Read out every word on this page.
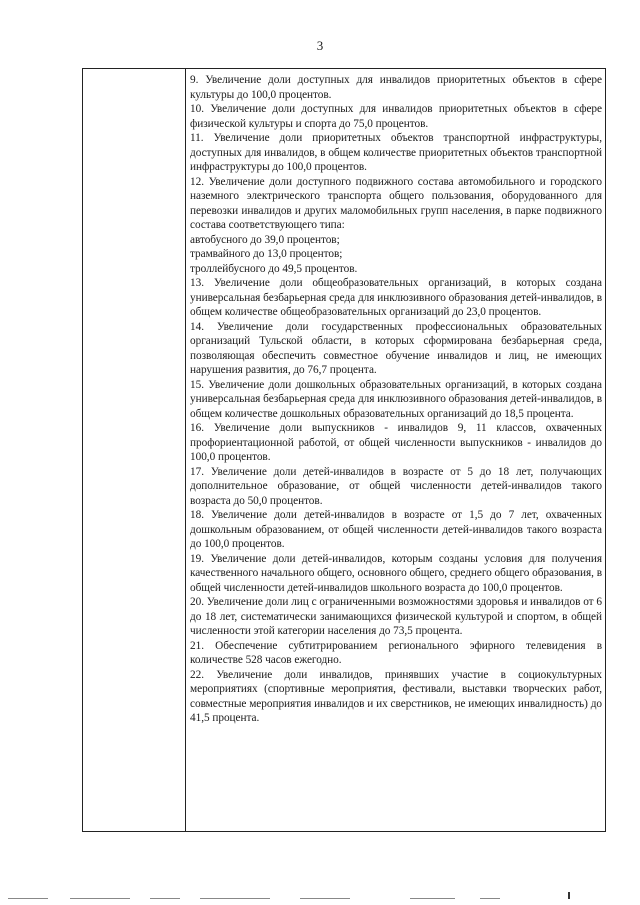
3

9. Увеличение доли доступных для инвалидов приоритетных объектов в сфере культуры до 100,0 процентов.

10. Увеличение доли доступных для инвалидов приоритетных объектов в сфере физической культуры и спорта до 75,0 процентов.

11. Увеличение доли приоритетных объектов транспортной инфраструктуры, доступных для инвалидов, в общем количестве приоритетных объектов транспортной инфраструктуры до 100,0 процентов.

12. Увеличение доли доступного подвижного состава автомобильного и городского наземного электрического транспорта общего пользования, оборудованного для перевозки инвалидов и других маломобильных групп населения, в парке подвижного состава соответствующего типа:

автобусного до 39,0 процентов;

трамвайного до 13,0 процентов;

троллейбусного до 49,5 процентов.

13. Увеличение доли общеобразовательных организаций, в которых создана универсальная безбарьерная среда для инклюзивного образования детей-инвалидов, в общем количестве общеобразовательных организаций до 23,0 процентов.

14. Увеличение доли государственных профессиональных образовательных организаций Тульской области, в которых сформирована безбарьерная среда, позволяющая обеспечить совместное обучение инвалидов и лиц, не имеющих нарушения развития, до 76,7 процента.

15. Увеличение доли дошкольных образовательных организаций, в которых создана универсальная безбарьерная среда для инклюзивного образования детей-инвалидов, в общем количестве дошкольных образовательных организаций до 18,5 процента.

16. Увеличение доли выпускников - инвалидов 9, 11 классов, охваченных профориентационной работой, от общей численности выпускников - инвалидов до 100,0 процентов.

17. Увеличение доли детей-инвалидов в возрасте от 5 до 18 лет, получающих дополнительное образование, от общей численности детей-инвалидов такого возраста до 50,0 процентов.

18. Увеличение доли детей-инвалидов в возрасте от 1,5 до 7 лет, охваченных дошкольным образованием, от общей численности детей-инвалидов такого возраста до 100,0 процентов.

19. Увеличение доли детей-инвалидов, которым созданы условия для получения качественного начального общего, основного общего, среднего общего образования, в общей численности детей-инвалидов школьного возраста до 100,0 процентов.

20. Увеличение доли лиц с ограниченными возможностями здоровья и инвалидов от 6 до 18 лет, систематически занимающихся физической культурой и спортом, в общей численности этой категории населения до 73,5 процента.

21. Обеспечение субтитрированием регионального эфирного телевидения в количестве 528 часов ежегодно.

22. Увеличение доли инвалидов, принявших участие в социокультурных мероприятиях (спортивные мероприятия, фестивали, выставки творческих работ, совместные мероприятия инвалидов и их сверстников, не имеющих инвалидность) до 41,5 процента.
